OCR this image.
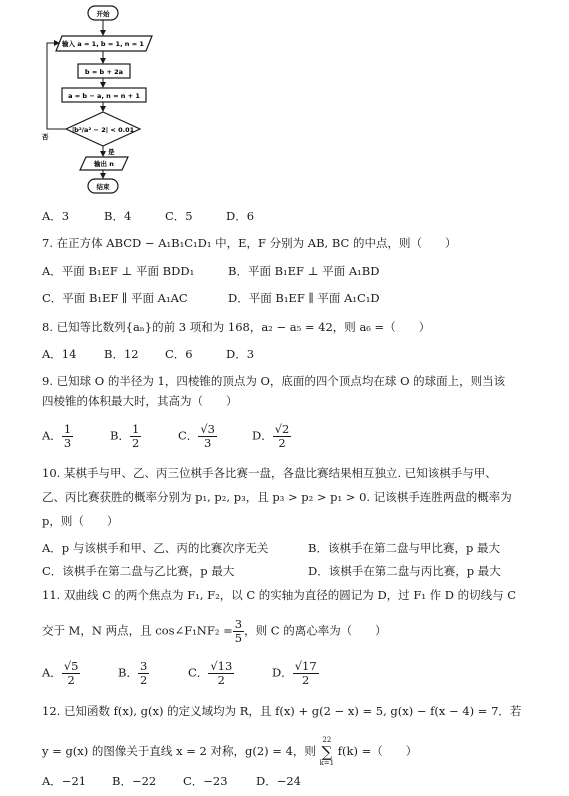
开始
输入 a = 1, b = 1, n = 1
b = b + 2a
a = b − a, n = n + 1
|b²/a² − 2| < 0.01
否
是
输出 n
结束
A．3	B．4	C．5	D．6
7. 在正方体 ABCD − A₁B₁C₁D₁ 中，E，F 分别为 AB, BC 的中点，则（　　）
A．平面 B₁EF ⊥ 平面 BDD₁	B．平面 B₁EF ⊥ 平面 A₁BD
C．平面 B₁EF ∥ 平面 A₁AC	D．平面 B₁EF ∥ 平面 A₁C₁D
8. 已知等比数列{aₙ}的前 3 项和为 168，a₂ − a₅ = 42，则 a₆ =（　　）
A．14 B．12 C．6	D．3
9. 已知球 O 的半径为 1，四棱锥的顶点为 O，底面的四个顶点均在球 O 的球面上，则当该
四棱锥的体积最大时，其高为（　　）
A． $\frac{1}{3}$	B． $\frac{1}{2}$	C． $\frac{√3}{3}$	D． $\frac{√2}{2}$
10. 某棋手与甲、乙、丙三位棋手各比赛一盘，各盘比赛结果相互独立. 已知该棋手与甲、
乙、丙比赛获胜的概率分别为 p₁, p₂, p₃，且 p₃ > p₂ > p₁ > 0. 记该棋手连胜两盘的概率为
p，则（　　）
A．p 与该棋手和甲、乙、丙的比赛次序无关	B．该棋手在第二盘与甲比赛，p 最大
C．该棋手在第二盘与乙比赛，p 最大	D．该棋手在第二盘与丙比赛，p 最大
11. 双曲线 C 的两个焦点为 F₁, F₂，以 C 的实轴为直径的圆记为 D，过 F₁ 作 D 的切线与 C
交于 M，N 两点，且 cos∠F₁NF₂ = $\frac{3}{5}$ ，则 C 的离心率为（　　）
A． $\frac{√5}{2}$	B． $\frac{3}{2}$	C． $\frac{√13}{2}$	D． $\frac{√17}{2}$
12. 已知函数 f(x), g(x) 的定义域均为 R，且 f(x) + g(2 − x) = 5, g(x) − f(x − 4) = 7．若
y = g(x) 的图像关于直线 x = 2 对称，g(2) = 4，则
22
∑
k=1
f(k) =（　　）
A．−21 B．−22 C．−23 D．−24
